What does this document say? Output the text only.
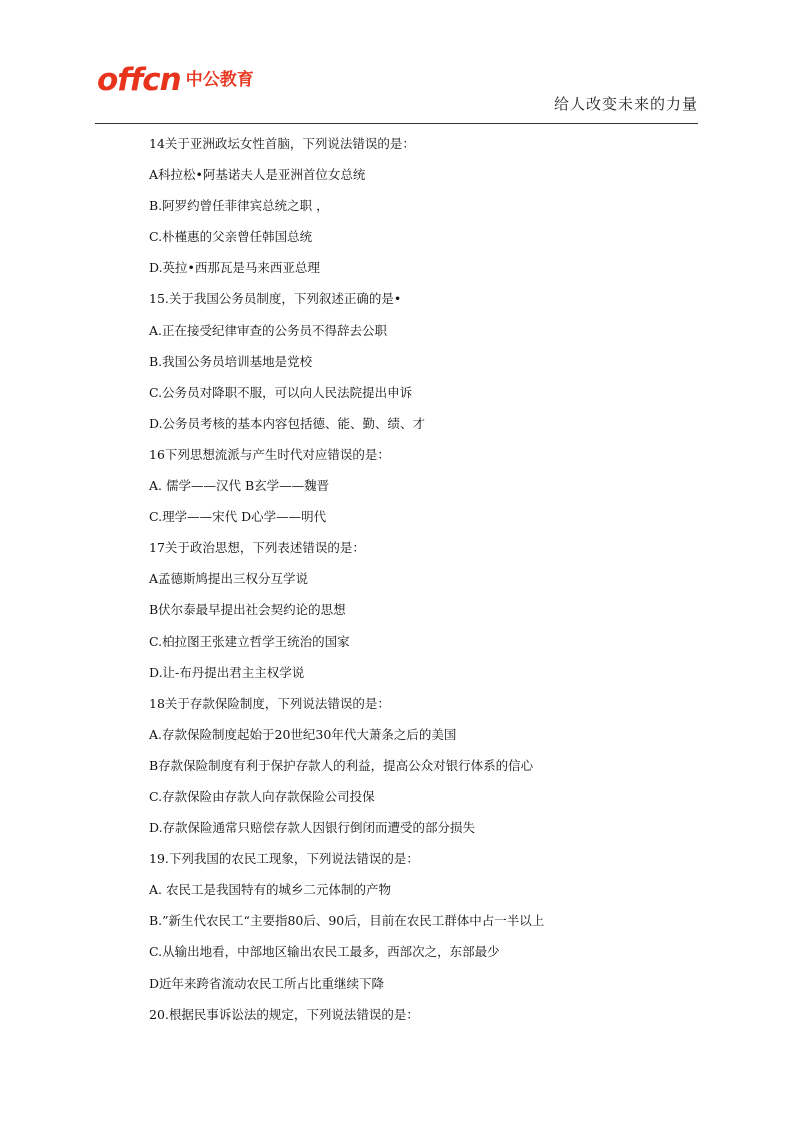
offcn 中公教育
给人改变未来的力量
14关于亚洲政坛女性首脑，下列说法错误的是：
A科拉松•阿基诺夫人是亚洲首位女总统
B.阿罗约曾任菲律宾总统之职 ，
C.朴槿惠的父亲曾任韩国总统
D.英拉•西那瓦是马来西亚总理
15.关于我国公务员制度，下列叙述正确的是•
A.正在接受纪律审查的公务员不得辞去公职
B.我国公务员培训基地是党校
C.公务员对降职不服，可以向人民法院提出申诉
D.公务员考核的基本内容包括德、能、勤、绩、才
16下列思想流派与产生时代对应错误的是：
A. 儒学——汉代 B玄学——魏晋
C.理学——宋代 D心学——明代
17关于政治思想，下列表述错误的是：
A孟德斯鸠提出三权分互学说
B伏尔泰最早提出社会契约论的思想
C.柏拉图王张建立哲学王统治的国家
D.让-布丹提出君主主权学说
18关于存款保险制度，下列说法错误的是：
A.存款保险制度起始于20世纪30年代大萧条之后的美国
B存款保险制度有利于保护存款人的利益，提高公众对银行体系的信心
C.存款保险由存款人向存款保险公司投保
D.存款保险通常只赔偿存款人因银行倒闭而遭受的部分损失
19.下列我国的农民工现象，下列说法错误的是：
A. 农民工是我国特有的城乡二元体制的产物
B.”新生代农民工“主要指80后、90后，目前在农民工群体中占一半以上
C.从输出地看，中部地区输出农民工最多，西部次之，东部最少
D近年来跨省流动农民工所占比重继续下降
20.根据民事诉讼法的规定，下列说法错误的是：
